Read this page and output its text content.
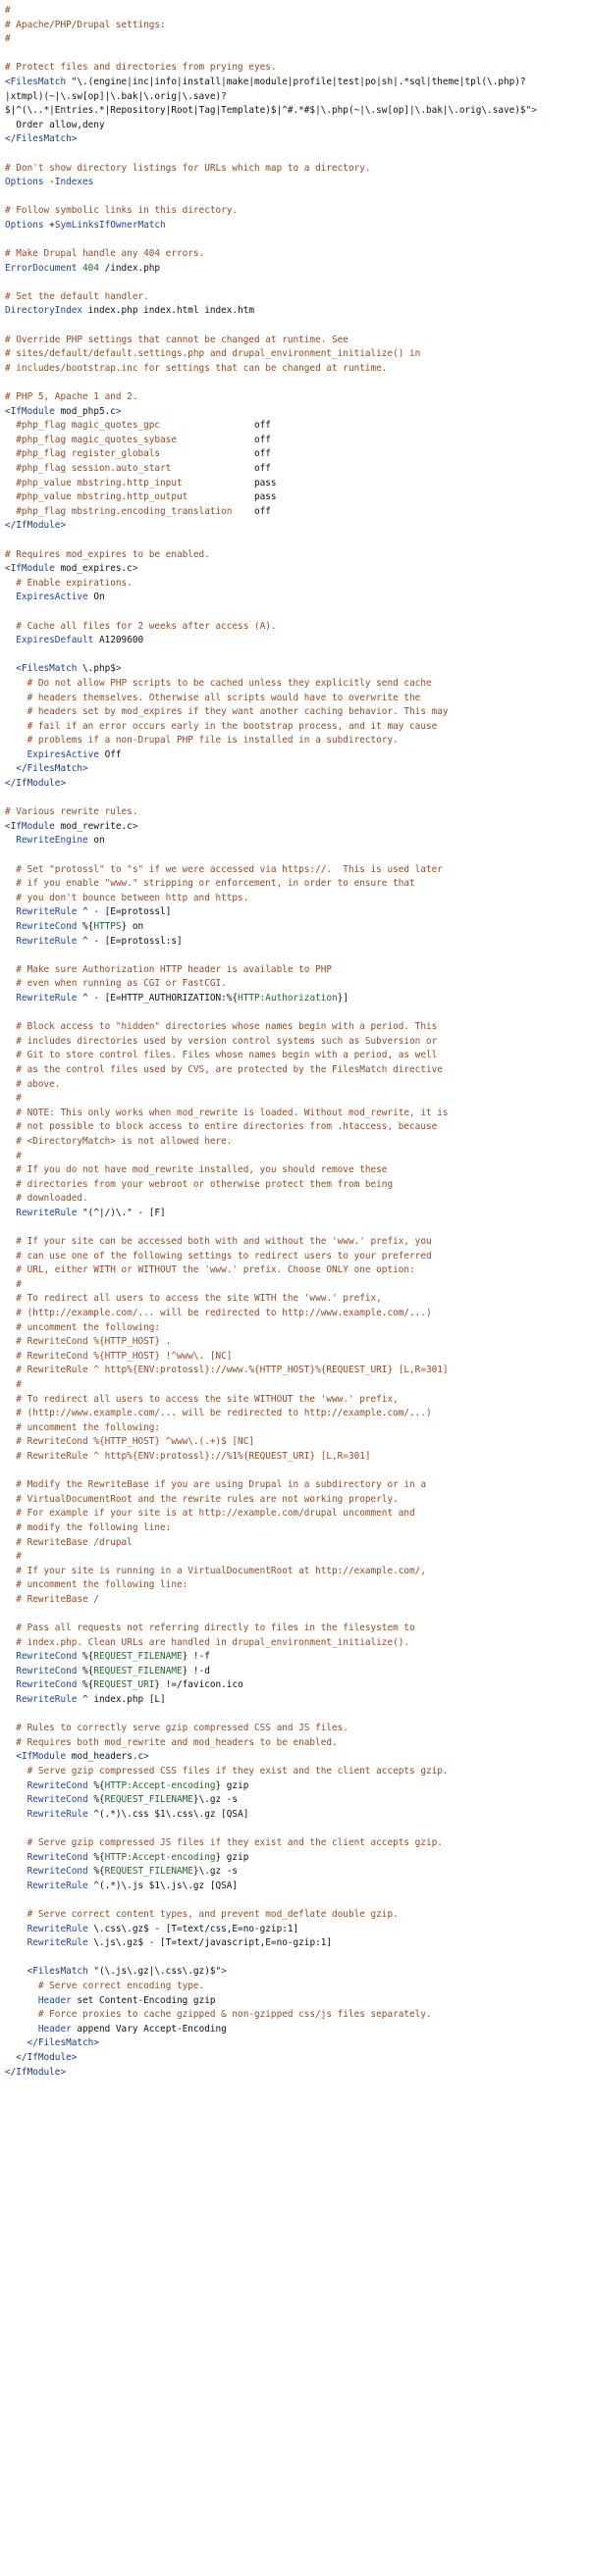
#
# Apache/PHP/Drupal settings:
#
# Protect files and directories from prying eyes.
<FilesMatch "\.(engine|inc|info|install|make|module|profile|test|po|sh|.*sql|theme|tpl(\.php)?
|xtmpl)(~|\.sw[op]|\.bak|\.orig|\.save)?
$|^(\..*|Entries.*|Repository|Root|Tag|Template)$|^#.*#$|\.php(~|\.sw[op]|\.bak|\.orig\.save)$">
Order allow,deny
</FilesMatch>
# Don't show directory listings for URLs which map to a directory.
Options -Indexes
# Follow symbolic links in this directory.
Options +SymLinksIfOwnerMatch
# Make Drupal handle any 404 errors.
ErrorDocument 404 /index.php
# Set the default handler.
DirectoryIndex index.php index.html index.htm
# Override PHP settings that cannot be changed at runtime. See
# sites/default/default.settings.php and drupal_environment_initialize() in
# includes/bootstrap.inc for settings that can be changed at runtime.
# PHP 5, Apache 1 and 2.
<IfModule mod_php5.c>
#php_flag magic_quotes_gpc                 off
#php_flag magic_quotes_sybase              off
#php_flag register_globals                 off
#php_flag session.auto_start               off
#php_value mbstring.http_input             pass
#php_value mbstring.http_output            pass
#php_flag mbstring.encoding_translation    off
</IfModule>
# Requires mod_expires to be enabled.
<IfModule mod_expires.c>
# Enable expirations.
ExpiresActive On
# Cache all files for 2 weeks after access (A).
ExpiresDefault A1209600
<FilesMatch \.php$>
# Do not allow PHP scripts to be cached unless they explicitly send cache
# headers themselves. Otherwise all scripts would have to overwrite the
# headers set by mod_expires if they want another caching behavior. This may
# fail if an error occurs early in the bootstrap process, and it may cause
# problems if a non-Drupal PHP file is installed in a subdirectory.
ExpiresActive Off
</FilesMatch>
</IfModule>
# Various rewrite rules.
<IfModule mod_rewrite.c>
RewriteEngine on
# Set "protossl" to "s" if we were accessed via https://.  This is used later
# if you enable "www." stripping or enforcement, in order to ensure that
# you don't bounce between http and https.
RewriteRule ^ - [E=protossl]
RewriteCond %{HTTPS} on
RewriteRule ^ - [E=protossl:s]
# Make sure Authorization HTTP header is available to PHP
# even when running as CGI or FastCGI.
RewriteRule ^ - [E=HTTP_AUTHORIZATION:%{HTTP:Authorization}]
# Block access to "hidden" directories whose names begin with a period. This
# includes directories used by version control systems such as Subversion or
# Git to store control files. Files whose names begin with a period, as well
# as the control files used by CVS, are protected by the FilesMatch directive
# above.
#
# NOTE: This only works when mod_rewrite is loaded. Without mod_rewrite, it is
# not possible to block access to entire directories from .htaccess, because
# <DirectoryMatch> is not allowed here.
#
# If you do not have mod_rewrite installed, you should remove these
# directories from your webroot or otherwise protect them from being
# downloaded.
RewriteRule "(^|/)\." - [F]
# If your site can be accessed both with and without the 'www.' prefix, you
# can use one of the following settings to redirect users to your preferred
# URL, either WITH or WITHOUT the 'www.' prefix. Choose ONLY one option:
#
# To redirect all users to access the site WITH the 'www.' prefix,
# (http://example.com/... will be redirected to http://www.example.com/...)
# uncomment the following:
# RewriteCond %{HTTP_HOST} .
# RewriteCond %{HTTP_HOST} !^www\. [NC]
# RewriteRule ^ http%{ENV:protossl}://www.%{HTTP_HOST}%{REQUEST_URI} [L,R=301]
#
# To redirect all users to access the site WITHOUT the 'www.' prefix,
# (http://www.example.com/... will be redirected to http://example.com/...)
# uncomment the following:
# RewriteCond %{HTTP_HOST} ^www\.(.+)$ [NC]
# RewriteRule ^ http%{ENV:protossl}://%1%{REQUEST_URI} [L,R=301]
# Modify the RewriteBase if you are using Drupal in a subdirectory or in a
# VirtualDocumentRoot and the rewrite rules are not working properly.
# For example if your site is at http://example.com/drupal uncomment and
# modify the following line:
# RewriteBase /drupal
#
# If your site is running in a VirtualDocumentRoot at http://example.com/,
# uncomment the following line:
# RewriteBase /
# Pass all requests not referring directly to files in the filesystem to
# index.php. Clean URLs are handled in drupal_environment_initialize().
RewriteCond %{REQUEST_FILENAME} !-f
RewriteCond %{REQUEST_FILENAME} !-d
RewriteCond %{REQUEST_URI} !=/favicon.ico
RewriteRule ^ index.php [L]
# Rules to correctly serve gzip compressed CSS and JS files.
# Requires both mod_rewrite and mod_headers to be enabled.
<IfModule mod_headers.c>
# Serve gzip compressed CSS files if they exist and the client accepts gzip.
RewriteCond %{HTTP:Accept-encoding} gzip
RewriteCond %{REQUEST_FILENAME}\.gz -s
RewriteRule ^(.*)\.css $1\.css\.gz [QSA]
# Serve gzip compressed JS files if they exist and the client accepts gzip.
RewriteCond %{HTTP:Accept-encoding} gzip
RewriteCond %{REQUEST_FILENAME}\.gz -s
RewriteRule ^(.*)\.js $1\.js\.gz [QSA]
# Serve correct content types, and prevent mod_deflate double gzip.
RewriteRule \.css\.gz$ - [T=text/css,E=no-gzip:1]
RewriteRule \.js\.gz$ - [T=text/javascript,E=no-gzip:1]
<FilesMatch "(\.js\.gz|\.css\.gz)$">
# Serve correct encoding type.
Header set Content-Encoding gzip
# Force proxies to cache gzipped & non-gzipped css/js files separately.
Header append Vary Accept-Encoding
</FilesMatch>
</IfModule>
</IfModule>
